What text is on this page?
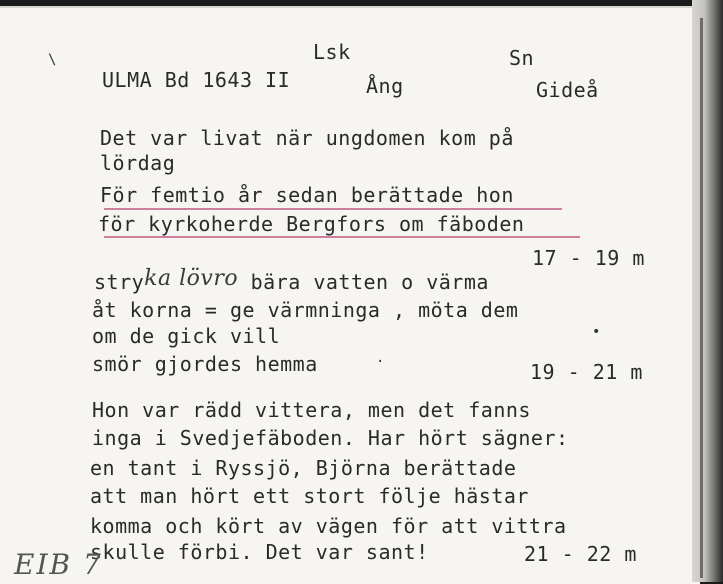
\	Lsk	Sn
ULMA Bd 1643 II	Ång	Gideå
Det var livat när ungdomen kom på
lördag
För femtio år sedan berättade hon
för kyrkoherde Bergfors om fäboden
17 - 19 m
stryka lövro bära vatten o värma
åt korna = ge värmninga , möta dem
om de gick vill	•
smör gjordes hemma	·	19 - 21 m
Hon var rädd vittera, men det fanns
inga i Svedjefäboden. Har hört sägner:
en tant i Ryssjö, Björna berättade
att man hört ett stort följe hästar
komma och kört av vägen för att vittra
skulle förbi. Det var sant!	21 - 22 m
EIB 7
